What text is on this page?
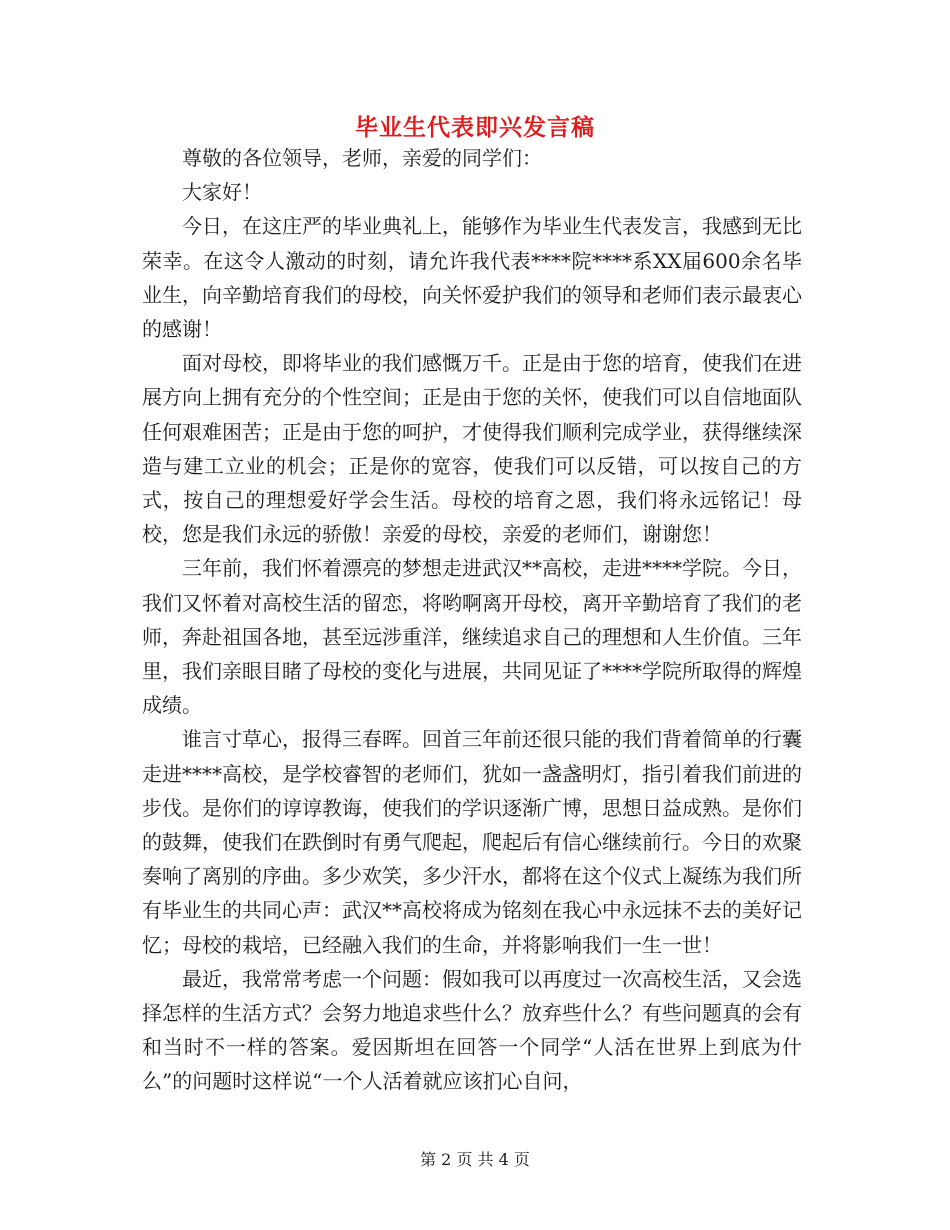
毕业生代表即兴发言稿

尊敬的各位领导，老师，亲爱的同学们：

大家好！

今日，在这庄严的毕业典礼上，能够作为毕业生代表发言，我感到无比荣幸。在这令人激动的时刻，请允许我代表****院****系XX届600余名毕业生，向辛勤培育我们的母校，向关怀爱护我们的领导和老师们表示最衷心的感谢！

面对母校，即将毕业的我们感慨万千。正是由于您的培育，使我们在进展方向上拥有充分的个性空间；正是由于您的关怀，使我们可以自信地面队任何艰难困苦；正是由于您的呵护，才使得我们顺利完成学业，获得继续深造与建工立业的机会；正是你的宽容，使我们可以反错，可以按自己的方式，按自己的理想爱好学会生活。母校的培育之恩，我们将永远铭记！母校，您是我们永远的骄傲！亲爱的母校，亲爱的老师们，谢谢您！

三年前，我们怀着漂亮的梦想走进武汉**高校，走进****学院。今日，我们又怀着对高校生活的留恋，将哟啊离开母校，离开辛勤培育了我们的老师，奔赴祖国各地，甚至远涉重洋，继续追求自己的理想和人生价值。三年里，我们亲眼目睹了母校的变化与进展，共同见证了****学院所取得的辉煌成绩。

谁言寸草心，报得三春晖。回首三年前还很只能的我们背着简单的行囊走进****高校，是学校睿智的老师们，犹如一盏盏明灯，指引着我们前进的步伐。是你们的谆谆教诲，使我们的学识逐渐广博，思想日益成熟。是你们的鼓舞，使我们在跌倒时有勇气爬起，爬起后有信心继续前行。今日的欢聚奏响了离别的序曲。多少欢笑，多少汗水，都将在这个仪式上凝练为我们所有毕业生的共同心声：武汉**高校将成为铭刻在我心中永远抹不去的美好记忆；母校的栽培，已经融入我们的生命，并将影响我们一生一世！

最近，我常常考虑一个问题：假如我可以再度过一次高校生活，又会选择怎样的生活方式？会努力地追求些什么？放弃些什么？有些问题真的会有和当时不一样的答案。爱因斯坦在回答一个同学“人活在世界上到底为什么”的问题时这样说“一个人活着就应该扪心自问，

第 2 页 共 4 页
